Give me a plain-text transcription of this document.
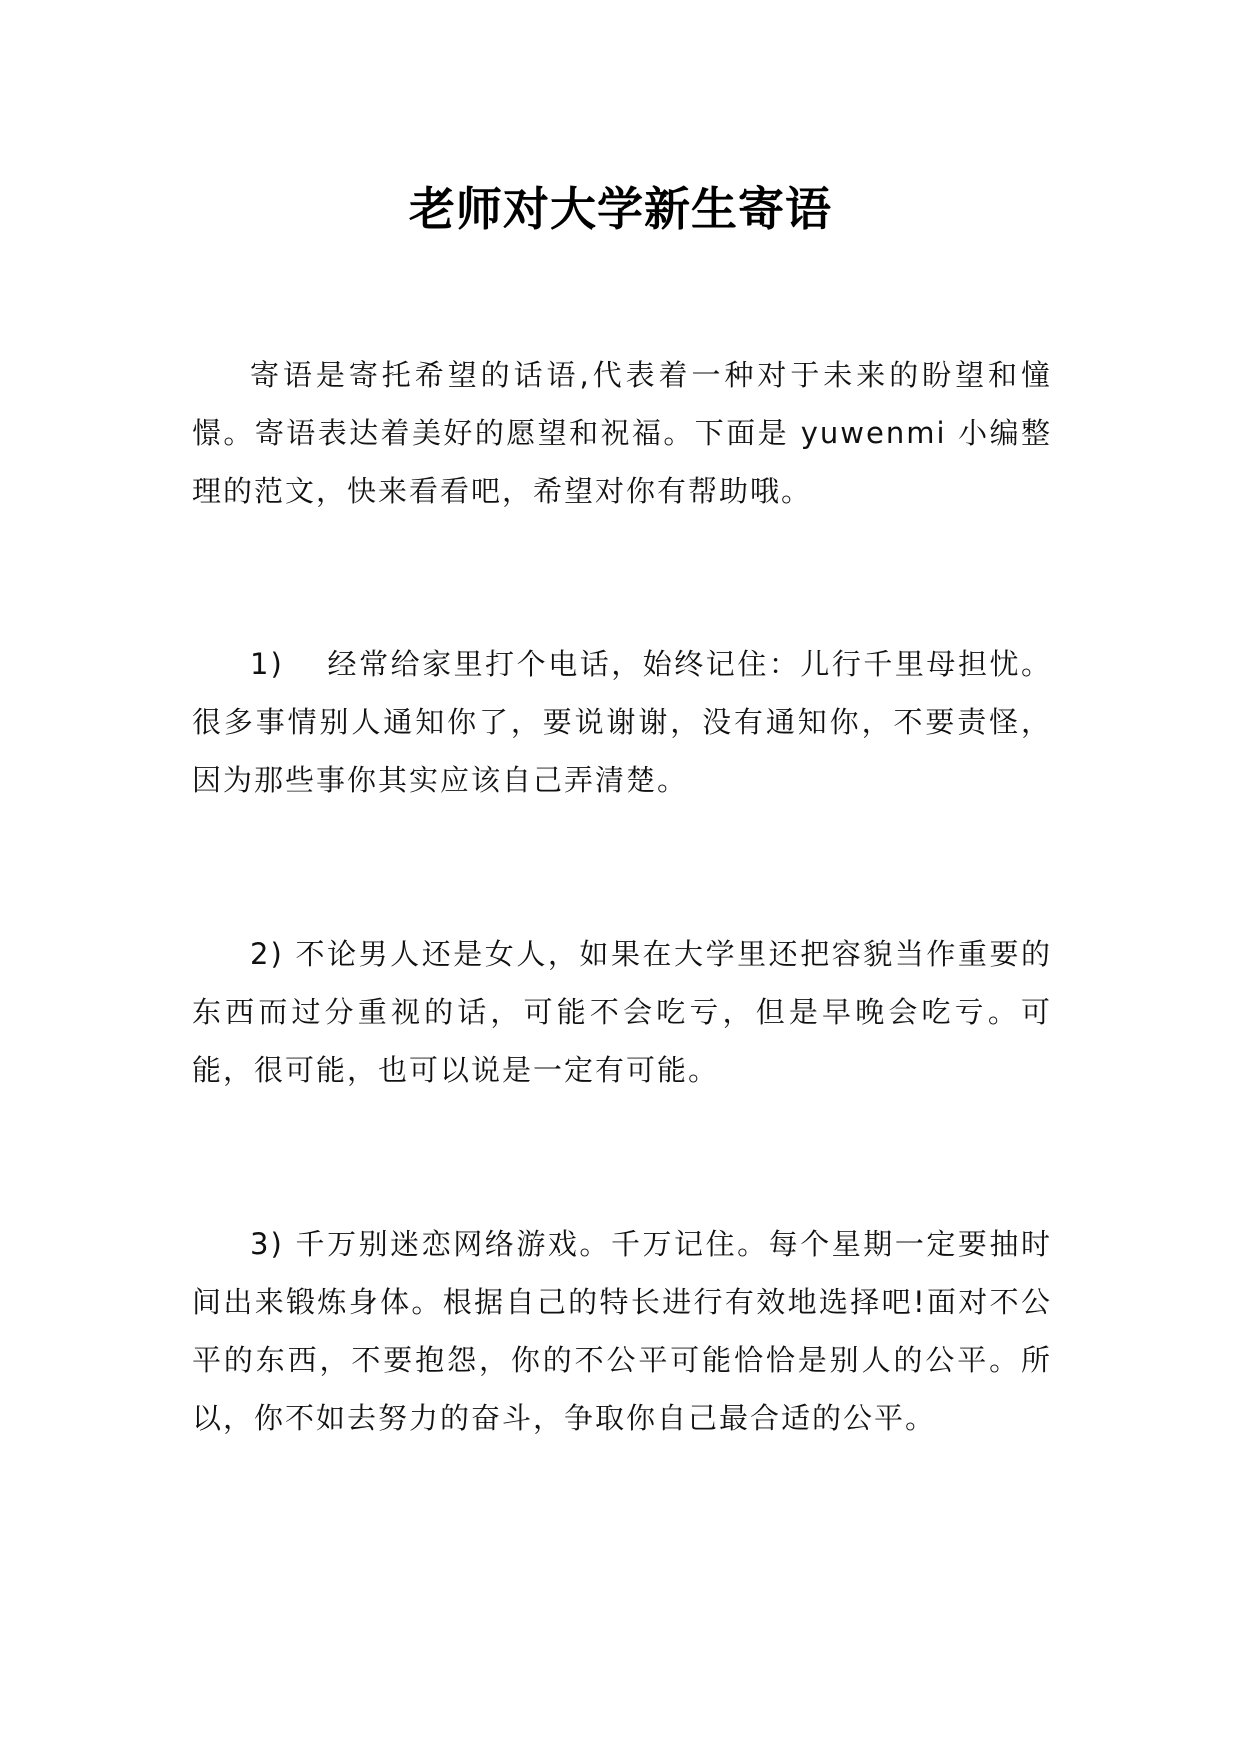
老师对大学新生寄语

寄语是寄托希望的话语,代表着一种对于未来的盼望和憧憬。寄语表达着美好的愿望和祝福。下面是 yuwenmi 小编整理的范文，快来看看吧，希望对你有帮助哦。

1)　 经常给家里打个电话，始终记住：儿行千里母担忧。很多事情别人通知你了，要说谢谢，没有通知你，不要责怪，因为那些事你其实应该自己弄清楚。

2) 不论男人还是女人，如果在大学里还把容貌当作重要的东西而过分重视的话，可能不会吃亏，但是早晚会吃亏。可能，很可能，也可以说是一定有可能。

3) 千万别迷恋网络游戏。千万记住。每个星期一定要抽时间出来锻炼身体。根据自己的特长进行有效地选择吧!面对不公平的东西，不要抱怨，你的不公平可能恰恰是别人的公平。所以，你不如去努力的奋斗，争取你自己最合适的公平。
